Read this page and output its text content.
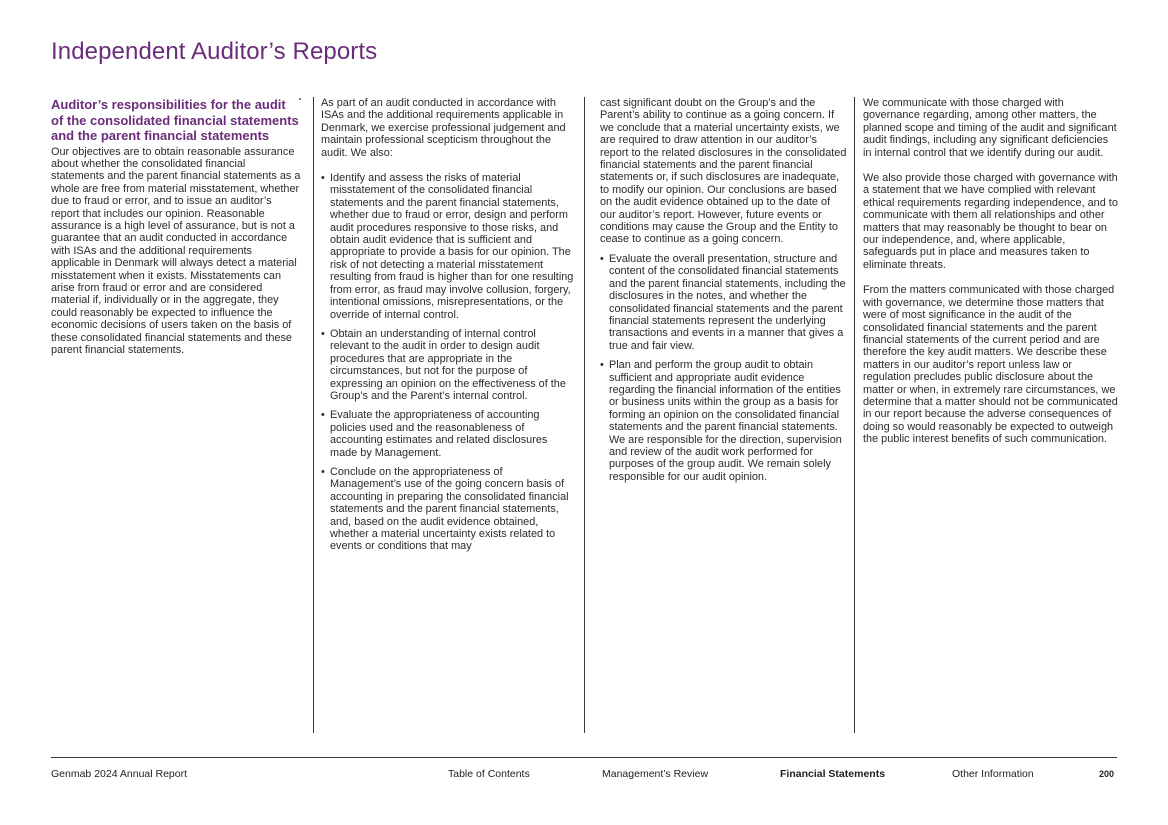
Independent Auditor’s Reports
Auditor’s responsibilities for the audit of the consolidated financial statements and the parent financial statements

Our objectives are to obtain reasonable assurance about whether the consolidated financial statements and the parent financial statements as a whole are free from material misstatement, whether due to fraud or error, and to issue an auditor’s report that includes our opinion. Reasonable assurance is a high level of assurance, but is not a guarantee that an audit conducted in accordance with ISAs and the additional requirements applicable in Denmark will always detect a material misstatement when it exists. Misstatements can arise from fraud or error and are considered material if, individually or in the aggregate, they could reasonably be expected to influence the economic decisions of users taken on the basis of these consolidated financial statements and these parent financial statements.

As part of an audit conducted in accordance with ISAs and the additional requirements applicable in Denmark, we exercise professional judgement and maintain professional scepticism throughout the audit. We also:

• Identify and assess the risks of material misstatement of the consolidated financial statements and the parent financial statements, whether due to fraud or error, design and perform audit procedures responsive to those risks, and obtain audit evidence that is sufficient and appropriate to provide a basis for our opinion. The risk of not detecting a material misstatement resulting from fraud is higher than for one resulting from error, as fraud may involve collusion, forgery, intentional omissions, misrepresentations, or the override of internal control.
• Obtain an understanding of internal control relevant to the audit in order to design audit procedures that are appropriate in the circumstances, but not for the purpose of expressing an opinion on the effectiveness of the Group’s and the Parent’s internal control.
• Evaluate the appropriateness of accounting policies used and the reasonableness of accounting estimates and related disclosures made by Management.
• Conclude on the appropriateness of Management’s use of the going concern basis of accounting in preparing the consolidated financial statements and the parent financial statements, and, based on the audit evidence obtained, whether a material uncertainty exists related to events or conditions that may

cast significant doubt on the Group’s and the Parent’s ability to continue as a going concern. If we conclude that a material uncertainty exists, we are required to draw attention in our auditor’s report to the related disclosures in the consolidated financial statements and the parent financial statements or, if such disclosures are inadequate, to modify our opinion. Our conclusions are based on the audit evidence obtained up to the date of our auditor’s report. However, future events or conditions may cause the Group and the Entity to cease to continue as a going concern.

• Evaluate the overall presentation, structure and content of the consolidated financial statements and the parent financial statements, including the disclosures in the notes, and whether the consolidated financial statements and the parent financial statements represent the underlying transactions and events in a manner that gives a true and fair view.
• Plan and perform the group audit to obtain sufficient and appropriate audit evidence regarding the financial information of the entities or business units within the group as a basis for forming an opinion on the consolidated financial statements and the parent financial statements. We are responsible for the direction, supervision and review of the audit work performed for purposes of the group audit. We remain solely responsible for our audit opinion.

We communicate with those charged with governance regarding, among other matters, the planned scope and timing of the audit and significant audit findings, including any significant deficiencies in internal control that we identify during our audit.

We also provide those charged with governance with a statement that we have complied with relevant ethical requirements regarding independence, and to communicate with them all relationships and other matters that may reasonably be thought to bear on our independence, and, where applicable, safeguards put in place and measures taken to eliminate threats.

From the matters communicated with those charged with governance, we determine those matters that were of most significance in the audit of the consolidated financial statements and the parent financial statements of the current period and are therefore the key audit matters. We describe these matters in our auditor’s report unless law or regulation precludes public disclosure about the matter or when, in extremely rare circumstances, we determine that a matter should not be communicated in our report because the adverse consequences of doing so would reasonably be expected to outweigh the public interest benefits of such communication.

Genmab 2024 Annual Report	Table of Contents	Management’s Review	Financial Statements	Other Information	200
